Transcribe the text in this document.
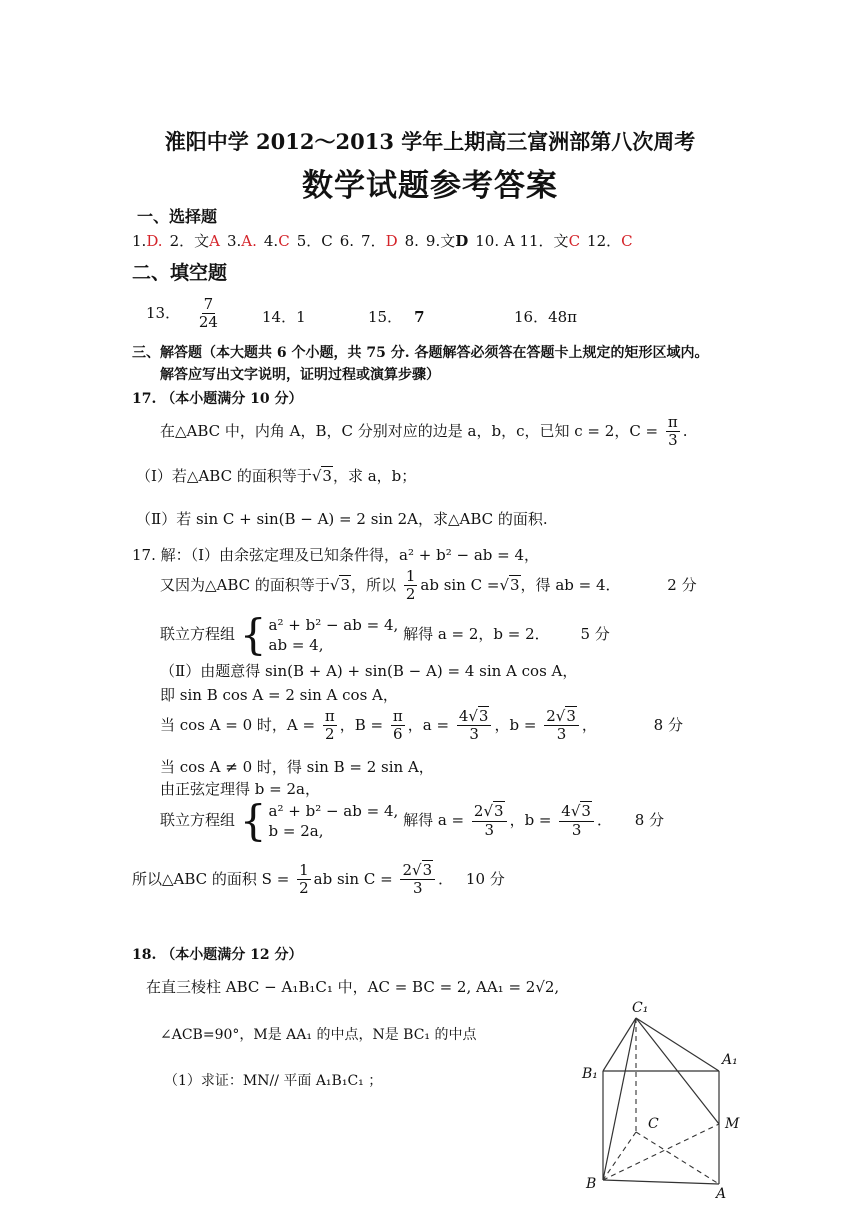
淮阳中学 2012～2013 学年上期高三富洲部第八次周考
数学试题参考答案
一、选择题
1.D. 2．文A 3.A. 4.C 5．C 6. 7．D 8. 9.文D 10. A 11．文C 12．C
二、填空题
13． $\frac{7}{24}$	14．1	15． 7	16．48π
三、解答题（本大题共 6 个小题，共 75 分. 各题解答必须答在答题卡上规定的矩形区域内。
解答应写出文字说明，证明过程或演算步骤）
17. （本小题满分 10 分）
在△ABC 中，内角 A，B，C 分别对应的边是 a，b，c，已知 c = 2，$C = \frac{\pi}{3}$ .
（Ⅰ）若△ABC 的面积等于√3，求 a，b；
（Ⅱ）若 sin C + sin(B − A) = 2 sin 2A，求△ABC 的面积.
17. 解：（Ⅰ）由余弦定理及已知条件得，a² + b² − ab = 4，
又因为△ABC 的面积等于√3，所以 $\frac{1}{2}$ ab sin C =√3，得 ab = 4．	2 分
联立方程组 { a² + b² − ab = 4,
ab = 4,
解得 a = 2，b = 2． 5 分
（Ⅱ）由题意得 sin(B + A) + sin(B − A) = 4 sin A cos A，
即 sin B cos A = 2 sin A cos A，
当 cos A = 0 时，$A = \frac{\pi}{2}$ ，$B = \frac{\pi}{6}$ ，$a = \frac{4√3}{3}$ ，$b = \frac{2√3}{3}$ ，	8 分
当 cos A ≠ 0 时，得 sin B = 2 sin A，
由正弦定理得 b = 2a，
联立方程组 { a² + b² − ab = 4,
b = 2a,
解得 $a = \frac{2√3}{3}$ ，$b = \frac{4√3}{3}$ ． 8 分
所以△ABC 的面积 $S = \frac{1}{2}$ ab $\sin C = \frac{2√3}{3}$ ． 10 分
18. （本小题满分 12 分）
在直三棱柱 ABC − A₁B₁C₁ 中，AC = BC = 2, AA₁ = 2√2,
∠ACB=90°，M是 AA₁ 的中点，N是 BC₁ 的中点
（1）求证：MN// 平面 A₁B₁C₁ ；
C₁
A₁
B₁
C	M
B
A
